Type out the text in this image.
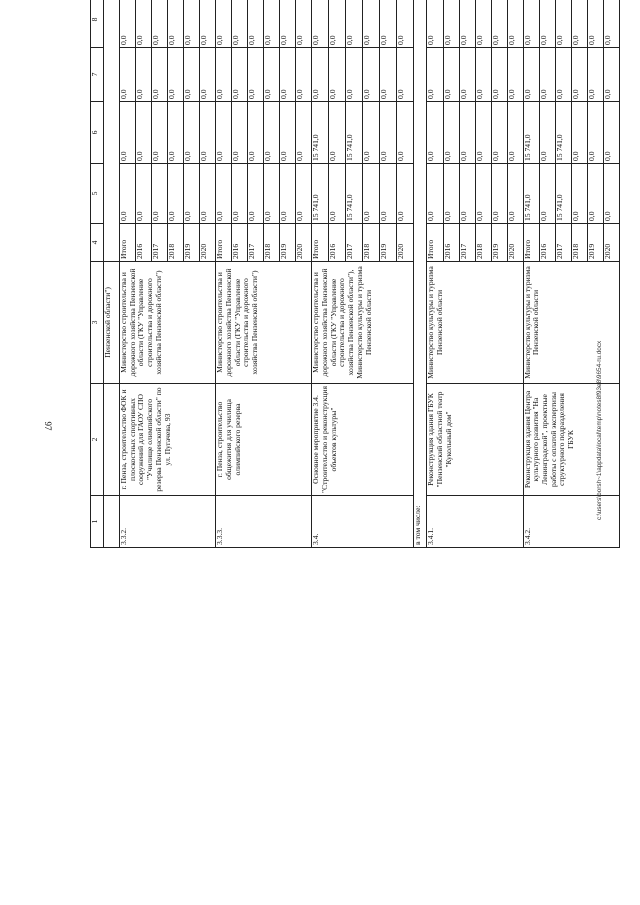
97
1	2	3	4	5	6	7	8			
		Пензенской области")								
3.3.2.	г. Пенза, строительство ФОК и плоскостных спортивных сооружений для ГАОУ СПО "Училище олимпийского резерва Пензенской области" по ул. Пугачева, 93	Министерство строительства и дорожного хозяйства Пензенской области (ГКУ "Управление строительства и дорожного хозяйства Пензенской области")	Итого	0,0	0,0	0,0	0,0			
			2016	0,0	0,0	0,0	0,0	
			2017	0,0	0,0	0,0	0,0	
			2018	0,0	0,0	0,0	0,0	
			2019	0,0	0,0	0,0	0,0	
			2020	0,0	0,0	0,0	0,0	
3.3.3.	г. Пенза, строительство общежития для училища олимпийского резерва	Министерство строительства и дорожного хозяйства Пензенской области (ГКУ "Управление строительства и дорожного хозяйства Пензенской области")	Итого	0,0	0,0	0,0	0,0			
			2016	0,0	0,0	0,0	0,0	
			2017	0,0	0,0	0,0	0,0	
			2018	0,0	0,0	0,0	0,0	
			2019	0,0	0,0	0,0	0,0	
			2020	0,0	0,0	0,0	0,0	
3.4.	Основное мероприятие 3.4. "Строительство и реконструкция объектов культуры"	Министерство строительства и дорожного хозяйства Пензенской области (ГКУ "Управление строительства и дорожного хозяйства Пензенской области"), Министерство культуры и туризма Пензенской области	Итого	15 741,0	15 741,0	0,0	0,0			
			2016	0,0	0,0	0,0	0,0	
			2017	15 741,0	15 741,0	0,0	0,0	
			2018	0,0	0,0	0,0	0,0	
			2019	0,0	0,0	0,0	0,0	
			2020	0,0	0,0	0,0	0,0	
в том числе:										
3.4.1.	Реконструкция здания ГБУК "Пензенский областной театр "Кукольный дом"	Министерство культуры и туризма Пензенской области	Итого	0,0	0,0	0,0	0,0			
			2016	0,0	0,0	0,0	0,0	
			2017	0,0	0,0	0,0	0,0	
			2018	0,0	0,0	0,0	0,0	
			2019	0,0	0,0	0,0	0,0	
			2020	0,0	0,0	0,0	0,0	
3.4.2.	Реконструкция здания Центра культурного развития "На Ленинградской", проектные работы с оплатой экспертизы структурного подразделения ГБУК	Министерство культуры и туризма Пензенской области	Итого	15 741,0	15 741,0	0,0	0,0			
			2016	0,0	0,0	0,0	0,0	
			2017	15 741,0	15 741,0	0,0	0,0	
			2018	0,0	0,0	0,0	0,0	
			2019	0,0	0,0	0,0	0,0	
			2020	0,0	0,0	0,0	0,0	
c:\users\borsh~1\appdata\local\temp\notes8f93e8\9654-ru.docx
